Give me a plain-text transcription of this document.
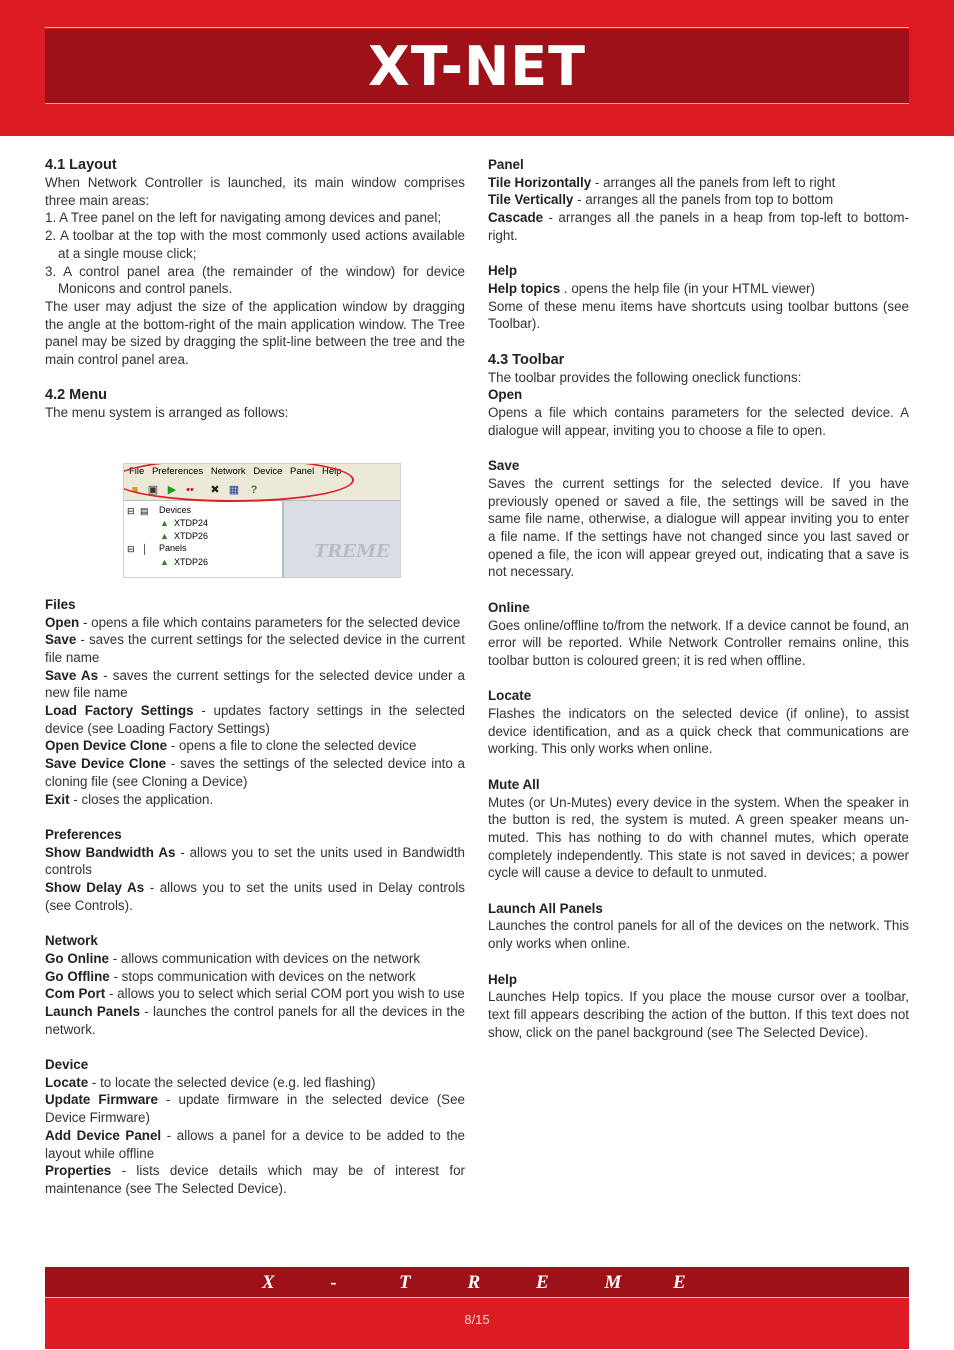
XT-NET
4.1 Layout

When Network Controller is launched, its main window comprises three main areas:

1. A Tree panel on the left for navigating among devices and panel;

2. A toolbar at the top with the most commonly used actions available at a single mouse click;

3. A control panel area (the remainder of the window) for device Monicons and control panels.

The user may adjust the size of the application window by dragging the angle at the bottom-right of the main application window. The Tree panel may be sized by dragging the split-line between the tree and the main control panel area.

4.2 Menu

The menu system is arranged as follows:

File Preferences Network Device Panel Help
■ ▣ ▶ •• ✖ ▦	?
⊟ ▤ Devices
▲ XTDP24
▲ XTDP26
⊟ │ Panels
▲ XTDP26	TREME
Files

Open - opens a file which contains parameters for the selected device

Save - saves the current settings for the selected device in the current file name

Save As - saves the current settings for the selected device under a new file name

Load Factory Settings - updates factory settings in the selected device (see Loading Factory Settings)

Open Device Clone - opens a file to clone the selected device

Save Device Clone - saves the settings of the selected device into a cloning file (see Cloning a Device)

Exit - closes the application.

Preferences

Show Bandwidth As - allows you to set the units used in Bandwidth controls

Show Delay As - allows you to set the units used in Delay controls (see Controls).

Network

Go Online - allows communication with devices on the network

Go Offline - stops communication with devices on the network

Com Port - allows you to select which serial COM port you wish to use

Launch Panels - launches the control panels for all the devices in the network.

Device

Locate - to locate the selected device (e.g. led flashing)

Update Firmware - update firmware in the selected device (See Device Firmware)

Add Device Panel - allows a panel for a device to be added to the layout while offline

Properties - lists device details which may be of interest for maintenance (see The Selected Device).

Panel

Tile Horizontally - arranges all the panels from left to right

Tile Vertically - arranges all the panels from top to bottom

Cascade - arranges all the panels in a heap from top-left to bottom-right.

Help

Help topics . opens the help file (in your HTML viewer)

Some of these menu items have shortcuts using toolbar buttons (see Toolbar).

4.3 Toolbar

The toolbar provides the following oneclick functions:

Open

Opens a file which contains parameters for the selected device. A dialogue will appear, inviting you to choose a file to open.

Save

Saves the current settings for the selected device. If you have previously opened or saved a file, the settings will be saved in the same file name, otherwise, a dialogue will appear inviting you to enter a file name. If the settings have not changed since you last saved or opened a file, the icon will appear greyed out, indicating that a save is not necessary.

Online

Goes online/offline to/from the network. If a device cannot be found, an error will be reported. While Network Controller remains online, this toolbar button is coloured green; it is red when offline.

Locate

Flashes the indicators on the selected device (if online), to assist device identification, and as a quick check that communications are working. This only works when online.

Mute All

Mutes (or Un-Mutes) every device in the system. When the speaker in the button is red, the system is muted. A green speaker means un-muted. This has nothing to do with channel mutes, which operate completely independently. This state is not saved in devices; a power cycle will cause a device to default to unmuted.

Launch All Panels

Launches the control panels for all of the devices on the network. This only works when online.

Help

Launches Help topics. If you place the mouse cursor over a toolbar, text fill appears describing the action of the button. If this text does not show, click on the panel background (see The Selected Device).

X	-	T	R	E	M	E
8/15
